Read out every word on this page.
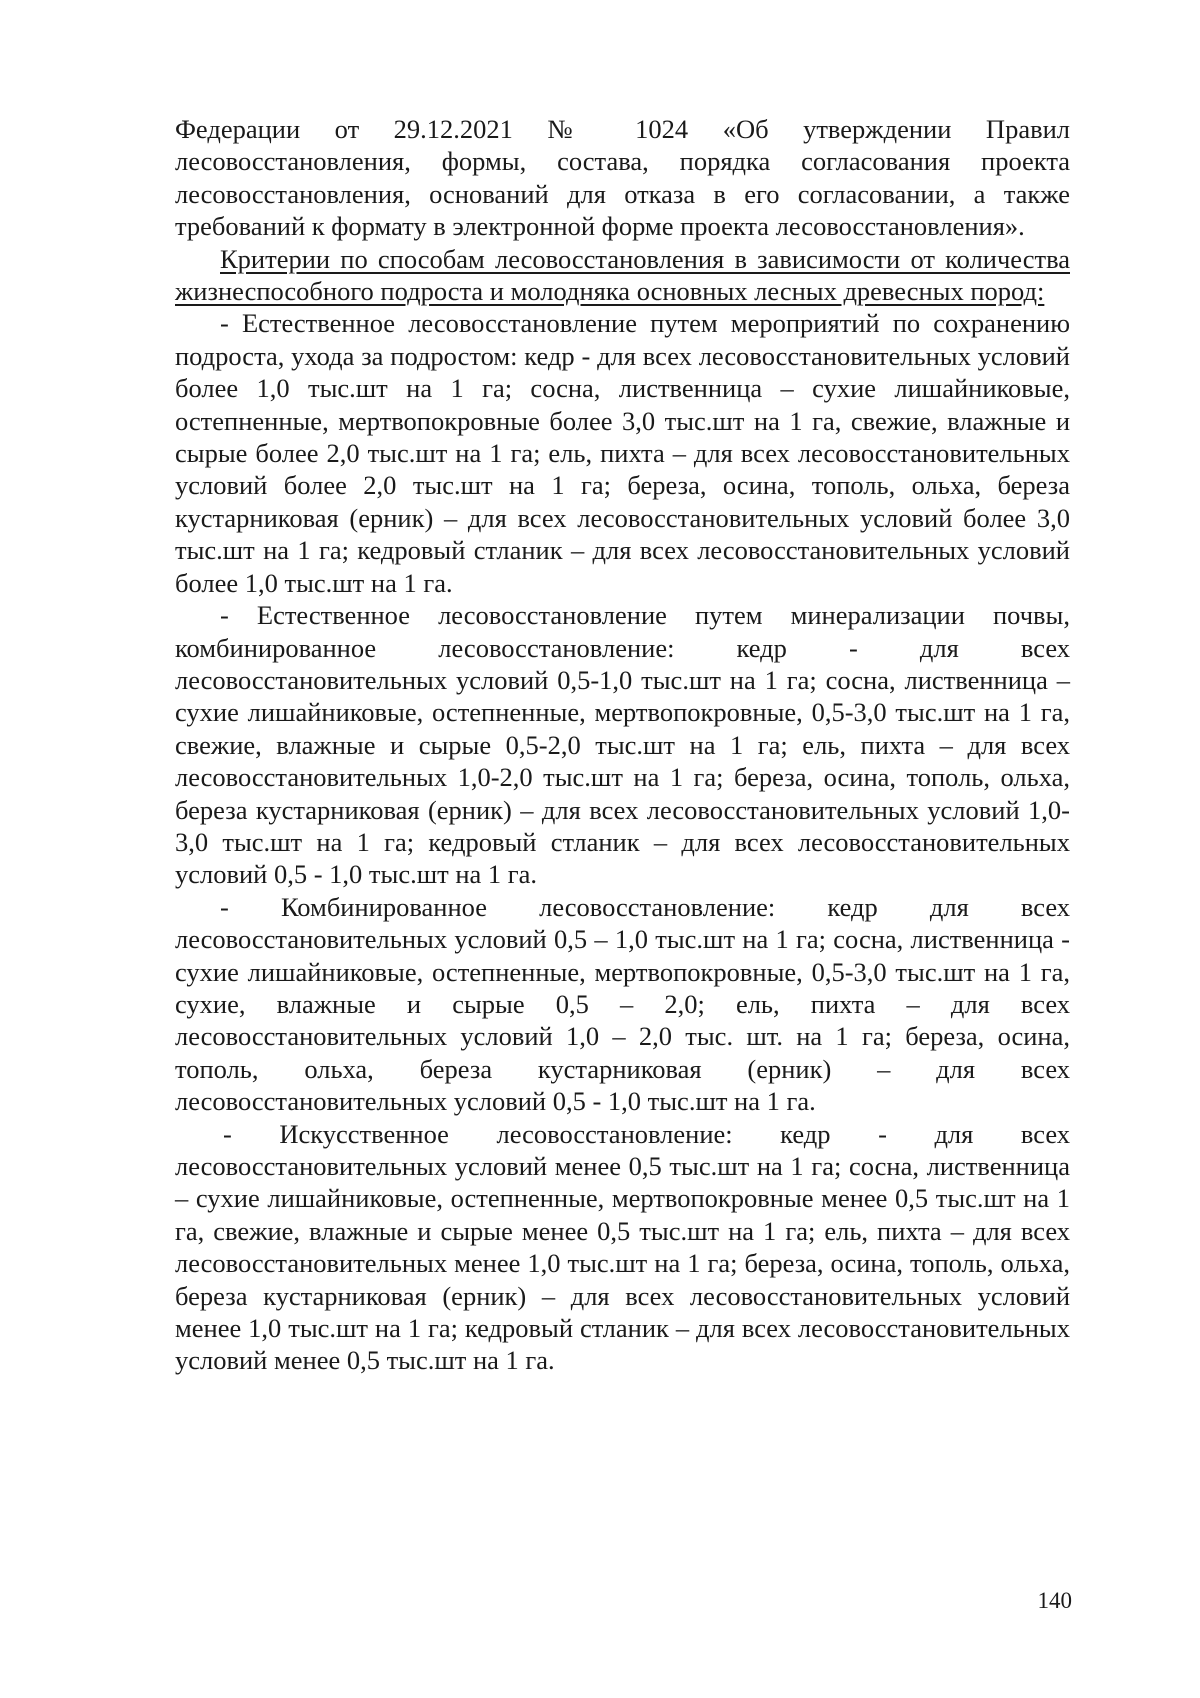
Федерации от 29.12.2021 № 1024 «Об утверждении Правил лесовосстановления, формы, состава, порядка согласования проекта лесовосстановления, оснований для отказа в его согласовании, а также требований к формату в электронной форме проекта лесовосстановления».

Критерии по способам лесовосстановления в зависимости от количества жизнеспособного подроста и молодняка основных лесных древесных пород:

- Естественное лесовосстановление путем мероприятий по сохранению подроста, ухода за подростом: кедр - для всех лесовосстановительных условий более 1,0 тыс.шт на 1 га; сосна, лиственница – сухие лишайниковые, остепненные, мертвопокровные более 3,0 тыс.шт на 1 га, свежие, влажные и сырые более 2,0 тыс.шт на 1 га; ель, пихта – для всех лесовосстановительных условий более 2,0 тыс.шт на 1 га; береза, осина, тополь, ольха, береза кустарниковая (ерник) – для всех лесовосстановительных условий более 3,0 тыс.шт на 1 га; кедровый стланик – для всех лесовосстановительных условий более 1,0 тыс.шт на 1 га.

- Естественное лесовосстановление путем минерализации почвы, комбинированное лесовосстановление: кедр - для всех лесовосстановительных условий 0,5-1,0 тыс.шт на 1 га; сосна, лиственница – сухие лишайниковые, остепненные, мертвопокровные, 0,5-3,0 тыс.шт на 1 га, свежие, влажные и сырые 0,5-2,0 тыс.шт на 1 га; ель, пихта – для всех лесовосстановительных 1,0-2,0 тыс.шт на 1 га; береза, осина, тополь, ольха, береза кустарниковая (ерник) – для всех лесовосстановительных условий 1,0-3,0 тыс.шт на 1 га; кедровый стланик – для всех лесовосстановительных условий 0,5 - 1,0 тыс.шт на 1 га.

- Комбинированное лесовосстановление: кедр для всех лесовосстановительных условий 0,5 – 1,0 тыс.шт на 1 га; сосна, лиственница - сухие лишайниковые, остепненные, мертвопокровные, 0,5-3,0 тыс.шт на 1 га, сухие, влажные и сырые 0,5 – 2,0; ель, пихта – для всех лесовосстановительных условий 1,0 – 2,0 тыс. шт. на 1 га; береза, осина, тополь, ольха, береза кустарниковая (ерник) – для всех лесовосстановительных условий 0,5 - 1,0 тыс.шт на 1 га.

- Искусственное лесовосстановление: кедр - для всех лесовосстановительных условий менее 0,5 тыс.шт на 1 га; сосна, лиственница – сухие лишайниковые, остепненные, мертвопокровные менее 0,5 тыс.шт на 1 га, свежие, влажные и сырые менее 0,5 тыс.шт на 1 га; ель, пихта – для всех лесовосстановительных менее 1,0 тыс.шт на 1 га; береза, осина, тополь, ольха, береза кустарниковая (ерник) – для всех лесовосстановительных условий менее 1,0 тыс.шт на 1 га; кедровый стланик – для всех лесовосстановительных условий менее 0,5 тыс.шт на 1 га.

140
